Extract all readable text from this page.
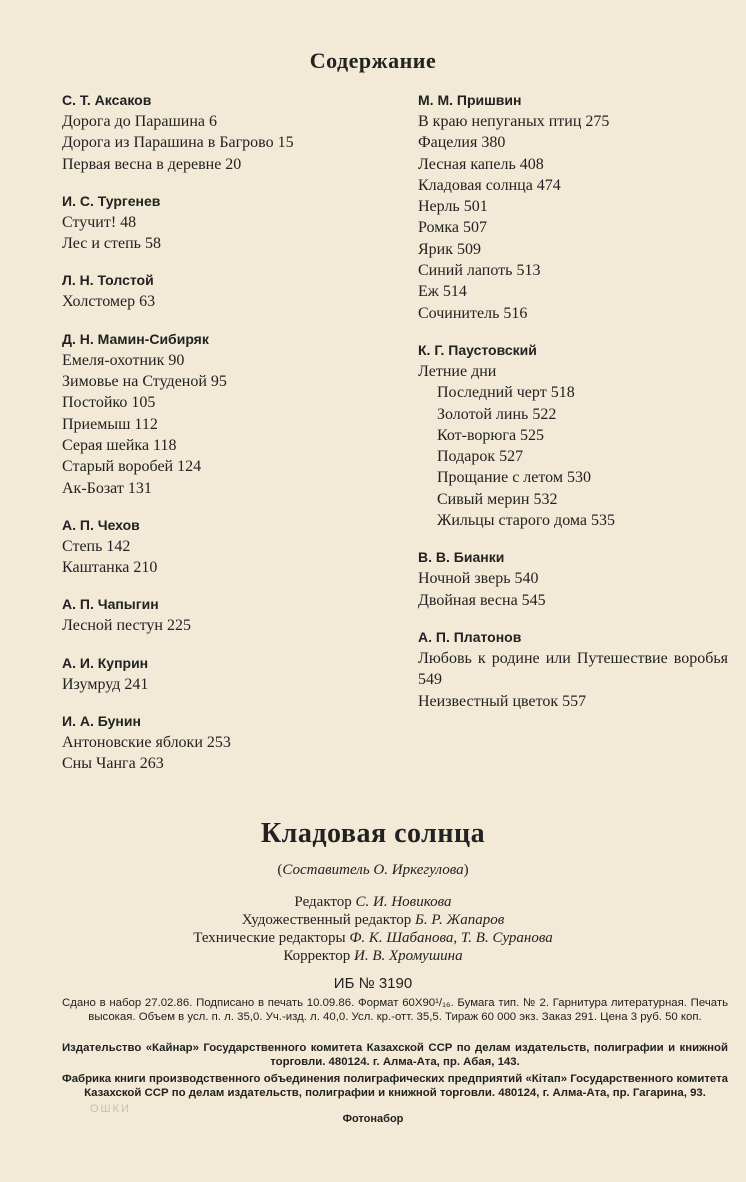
Содержание
С. Т. Аксаков
Дорога до Парашина 6
Дорога из Парашина в Багрово 15
Первая весна в деревне 20
И. С. Тургенев
Стучит! 48
Лес и степь 58
Л. Н. Толстой
Холстомер 63
Д. Н. Мамин-Сибиряк
Емеля-охотник 90
Зимовье на Студеной 95
Постойко 105
Приемыш 112
Серая шейка 118
Старый воробей 124
Ак-Бозат 131
А. П. Чехов
Степь 142
Каштанка 210
А. П. Чапыгин
Лесной пестун 225
А. И. Куприн
Изумруд 241
И. А. Бунин
Антоновские яблоки 253
Сны Чанга 263
М. М. Пришвин
В краю непуганых птиц 275
Фацелия 380
Лесная капель 408
Кладовая солнца 474
Нерль 501
Ромка 507
Ярик 509
Синий лапоть 513
Еж 514
Сочинитель 516
К. Г. Паустовский
Летние дни
Последний черт 518
Золотой линь 522
Кот-ворюга 525
Подарок 527
Прощание с летом 530
Сивый мерин 532
Жильцы старого дома 535
В. В. Бианки
Ночной зверь 540
Двойная весна 545
А. П. Платонов
Любовь к родине или Путешествие воробья 549
Неизвестный цветок 557
Кладовая солнца
(Составитель О. Иркегулова)
Редактор С. И. Новикова
Художественный редактор Б. Р. Жапаров
Технические редакторы Ф. К. Шабанова, Т. В. Суранова
Корректор И. В. Хромушина
ИБ № 3190
Сдано в набор 27.02.86. Подписано в печать 10.09.86. Формат 60Х90¹/₁₆. Бумага тип. № 2. Гарнитура литературная. Печать высокая. Объем в усл. п. л. 35,0. Уч.-изд. л. 40,0. Усл. кр.-отт. 35,5. Тираж 60 000 экз. Заказ 291. Цена 3 руб. 50 коп.
Издательство «Кайнар» Государственного комитета Казахской ССР по делам издательств, полиграфии и книжной торговли. 480124. г. Алма-Ата, пр. Абая, 143.
Фабрика книги производственного объединения полиграфических предприятий «Кітап» Государственного комитета Казахской ССР по делам издательств, полиграфии и книжной торговли. 480124, г. Алма-Ата, пр. Гагарина, 93.
ОШКИ
Фотонабор
